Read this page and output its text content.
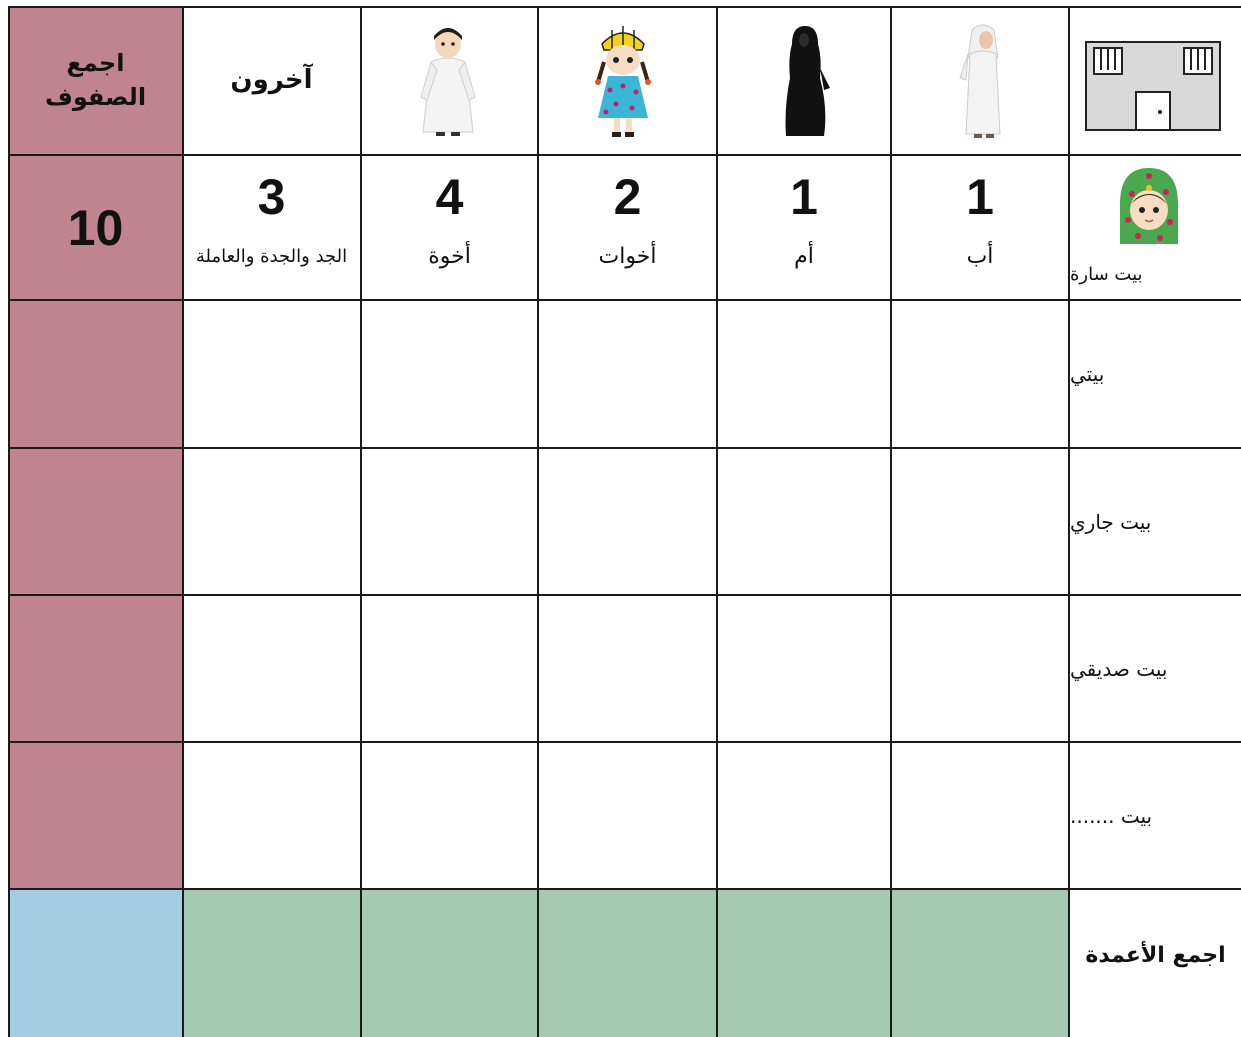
اجمع
الصفوف
آخرون
10
3
الجد والجدة والعاملة
4
أخوة
2
أخوات
1
أم
1
أب
بيت سارة
بيتي
بيت جاري
بيت صديقي
بيت .......
اجمع الأعمدة
